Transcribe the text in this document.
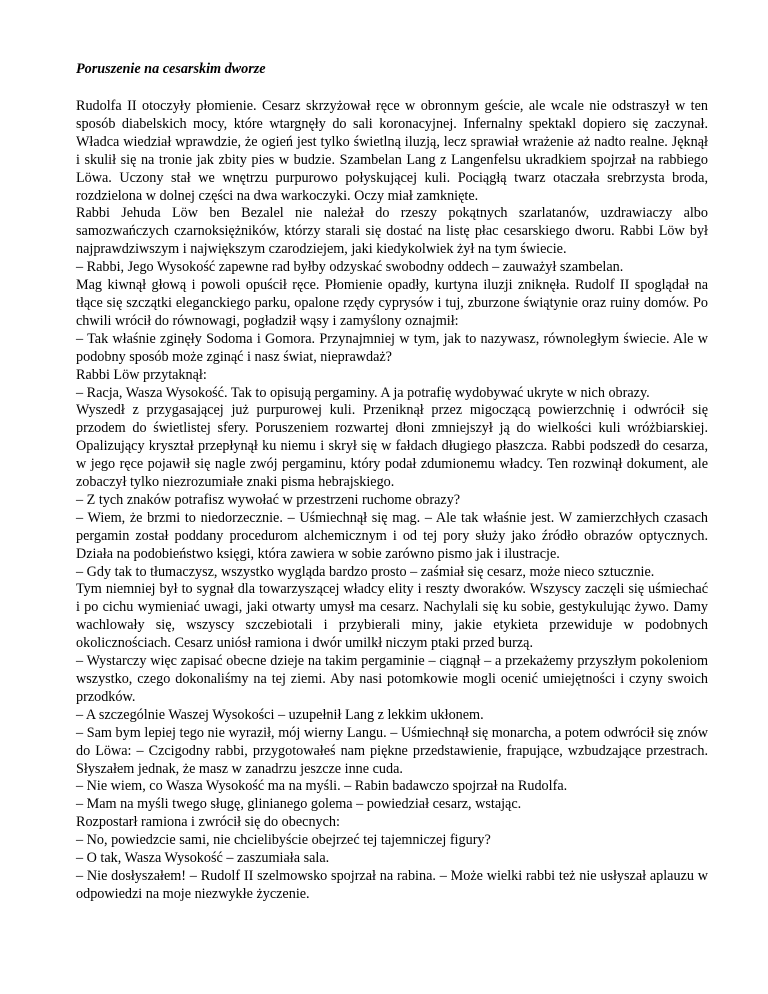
Poruszenie na cesarskim dworze

Rudolfa II otoczyły płomienie. Cesarz skrzyżował ręce w obronnym geście, ale wcale nie odstraszył w ten sposób diabelskich mocy, które wtargnęły do sali koronacyjnej. Infernalny spektakl dopiero się zaczynał. Władca wiedział wprawdzie, że ogień jest tylko świetlną iluzją, lecz sprawiał wrażenie aż nadto realne. Jęknął i skulił się na tronie jak zbity pies w budzie. Szambelan Lang z Langenfelsu ukradkiem spojrzał na rabbiego Löwa. Uczony stał we wnętrzu purpurowo połyskującej kuli. Pociągłą twarz otaczała srebrzysta broda, rozdzielona w dolnej części na dwa warkoczyki. Oczy miał zamknięte.

Rabbi Jehuda Löw ben Bezalel nie należał do rzeszy pokątnych szarlatanów, uzdrawiaczy albo samozwańczych czarnoksiężników, którzy starali się dostać na listę płac cesarskiego dworu. Rabbi Löw był najprawdziwszym i największym czarodziejem, jaki kiedykolwiek żył na tym świecie.

– Rabbi, Jego Wysokość zapewne rad byłby odzyskać swobodny oddech – zauważył szambelan.

Mag kiwnął głową i powoli opuścił ręce. Płomienie opadły, kurtyna iluzji zniknęła. Rudolf II spoglądał na tłące się szczątki eleganckiego parku, opalone rzędy cyprysów i tuj, zburzone świątynie oraz ruiny domów. Po chwili wrócił do równowagi, pogładził wąsy i zamyślony oznajmił:

– Tak właśnie zginęły Sodoma i Gomora. Przynajmniej w tym, jak to nazywasz, równoległym świecie. Ale w podobny sposób może zginąć i nasz świat, nieprawdaż?

Rabbi Löw przytaknął:

– Racja, Wasza Wysokość. Tak to opisują pergaminy. A ja potrafię wydobywać ukryte w nich obrazy.

Wyszedł z przygasającej już purpurowej kuli. Przeniknął przez migoczącą powierzchnię i odwrócił się przodem do świetlistej sfery. Poruszeniem rozwartej dłoni zmniejszył ją do wielkości kuli wróżbiarskiej. Opalizujący kryształ przepłynął ku niemu i skrył się w fałdach długiego płaszcza. Rabbi podszedł do cesarza, w jego ręce pojawił się nagle zwój pergaminu, który podał zdumionemu władcy. Ten rozwinął dokument, ale zobaczył tylko niezrozumiałe znaki pisma hebrajskiego.

– Z tych znaków potrafisz wywołać w przestrzeni ruchome obrazy?

– Wiem, że brzmi to niedorzecznie. – Uśmiechnął się mag. – Ale tak właśnie jest. W zamierzchłych czasach pergamin został poddany procedurom alchemicznym i od tej pory służy jako źródło obrazów optycznych. Działa na podobieństwo księgi, która zawiera w sobie zarówno pismo jak i ilustracje.

– Gdy tak to tłumaczysz, wszystko wygląda bardzo prosto – zaśmiał się cesarz, może nieco sztucznie.

Tym niemniej był to sygnał dla towarzyszącej władcy elity i reszty dworaków. Wszyscy zaczęli się uśmiechać i po cichu wymieniać uwagi, jaki otwarty umysł ma cesarz. Nachylali się ku sobie, gestykulując żywo. Damy wachlowały się, wszyscy szczebiotali i przybierali miny, jakie etykieta przewiduje w podobnych okolicznościach. Cesarz uniósł ramiona i dwór umilkł niczym ptaki przed burzą.

– Wystarczy więc zapisać obecne dzieje na takim pergaminie – ciągnął – a przekażemy przyszłym pokoleniom wszystko, czego dokonaliśmy na tej ziemi. Aby nasi potomkowie mogli ocenić umiejętności i czyny swoich przodków.

– A szczególnie Waszej Wysokości – uzupełnił Lang z lekkim ukłonem.

– Sam bym lepiej tego nie wyraził, mój wierny Langu. – Uśmiechnął się monarcha, a potem odwrócił się znów do Löwa: – Czcigodny rabbi, przygotowałeś nam piękne przedstawienie, frapujące, wzbudzające przestrach. Słyszałem jednak, że masz w zanadrzu jeszcze inne cuda.

– Nie wiem, co Wasza Wysokość ma na myśli. – Rabin badawczo spojrzał na Rudolfa.

– Mam na myśli twego sługę, glinianego golema – powiedział cesarz, wstając.

Rozpostarł ramiona i zwrócił się do obecnych:

– No, powiedzcie sami, nie chcielibyście obejrzeć tej tajemniczej figury?

– O tak, Wasza Wysokość – zaszumiała sala.

– Nie dosłyszałem! – Rudolf II szelmowsko spojrzał na rabina. – Może wielki rabbi też nie usłyszał aplauzu w odpowiedzi na moje niezwykłe życzenie.
